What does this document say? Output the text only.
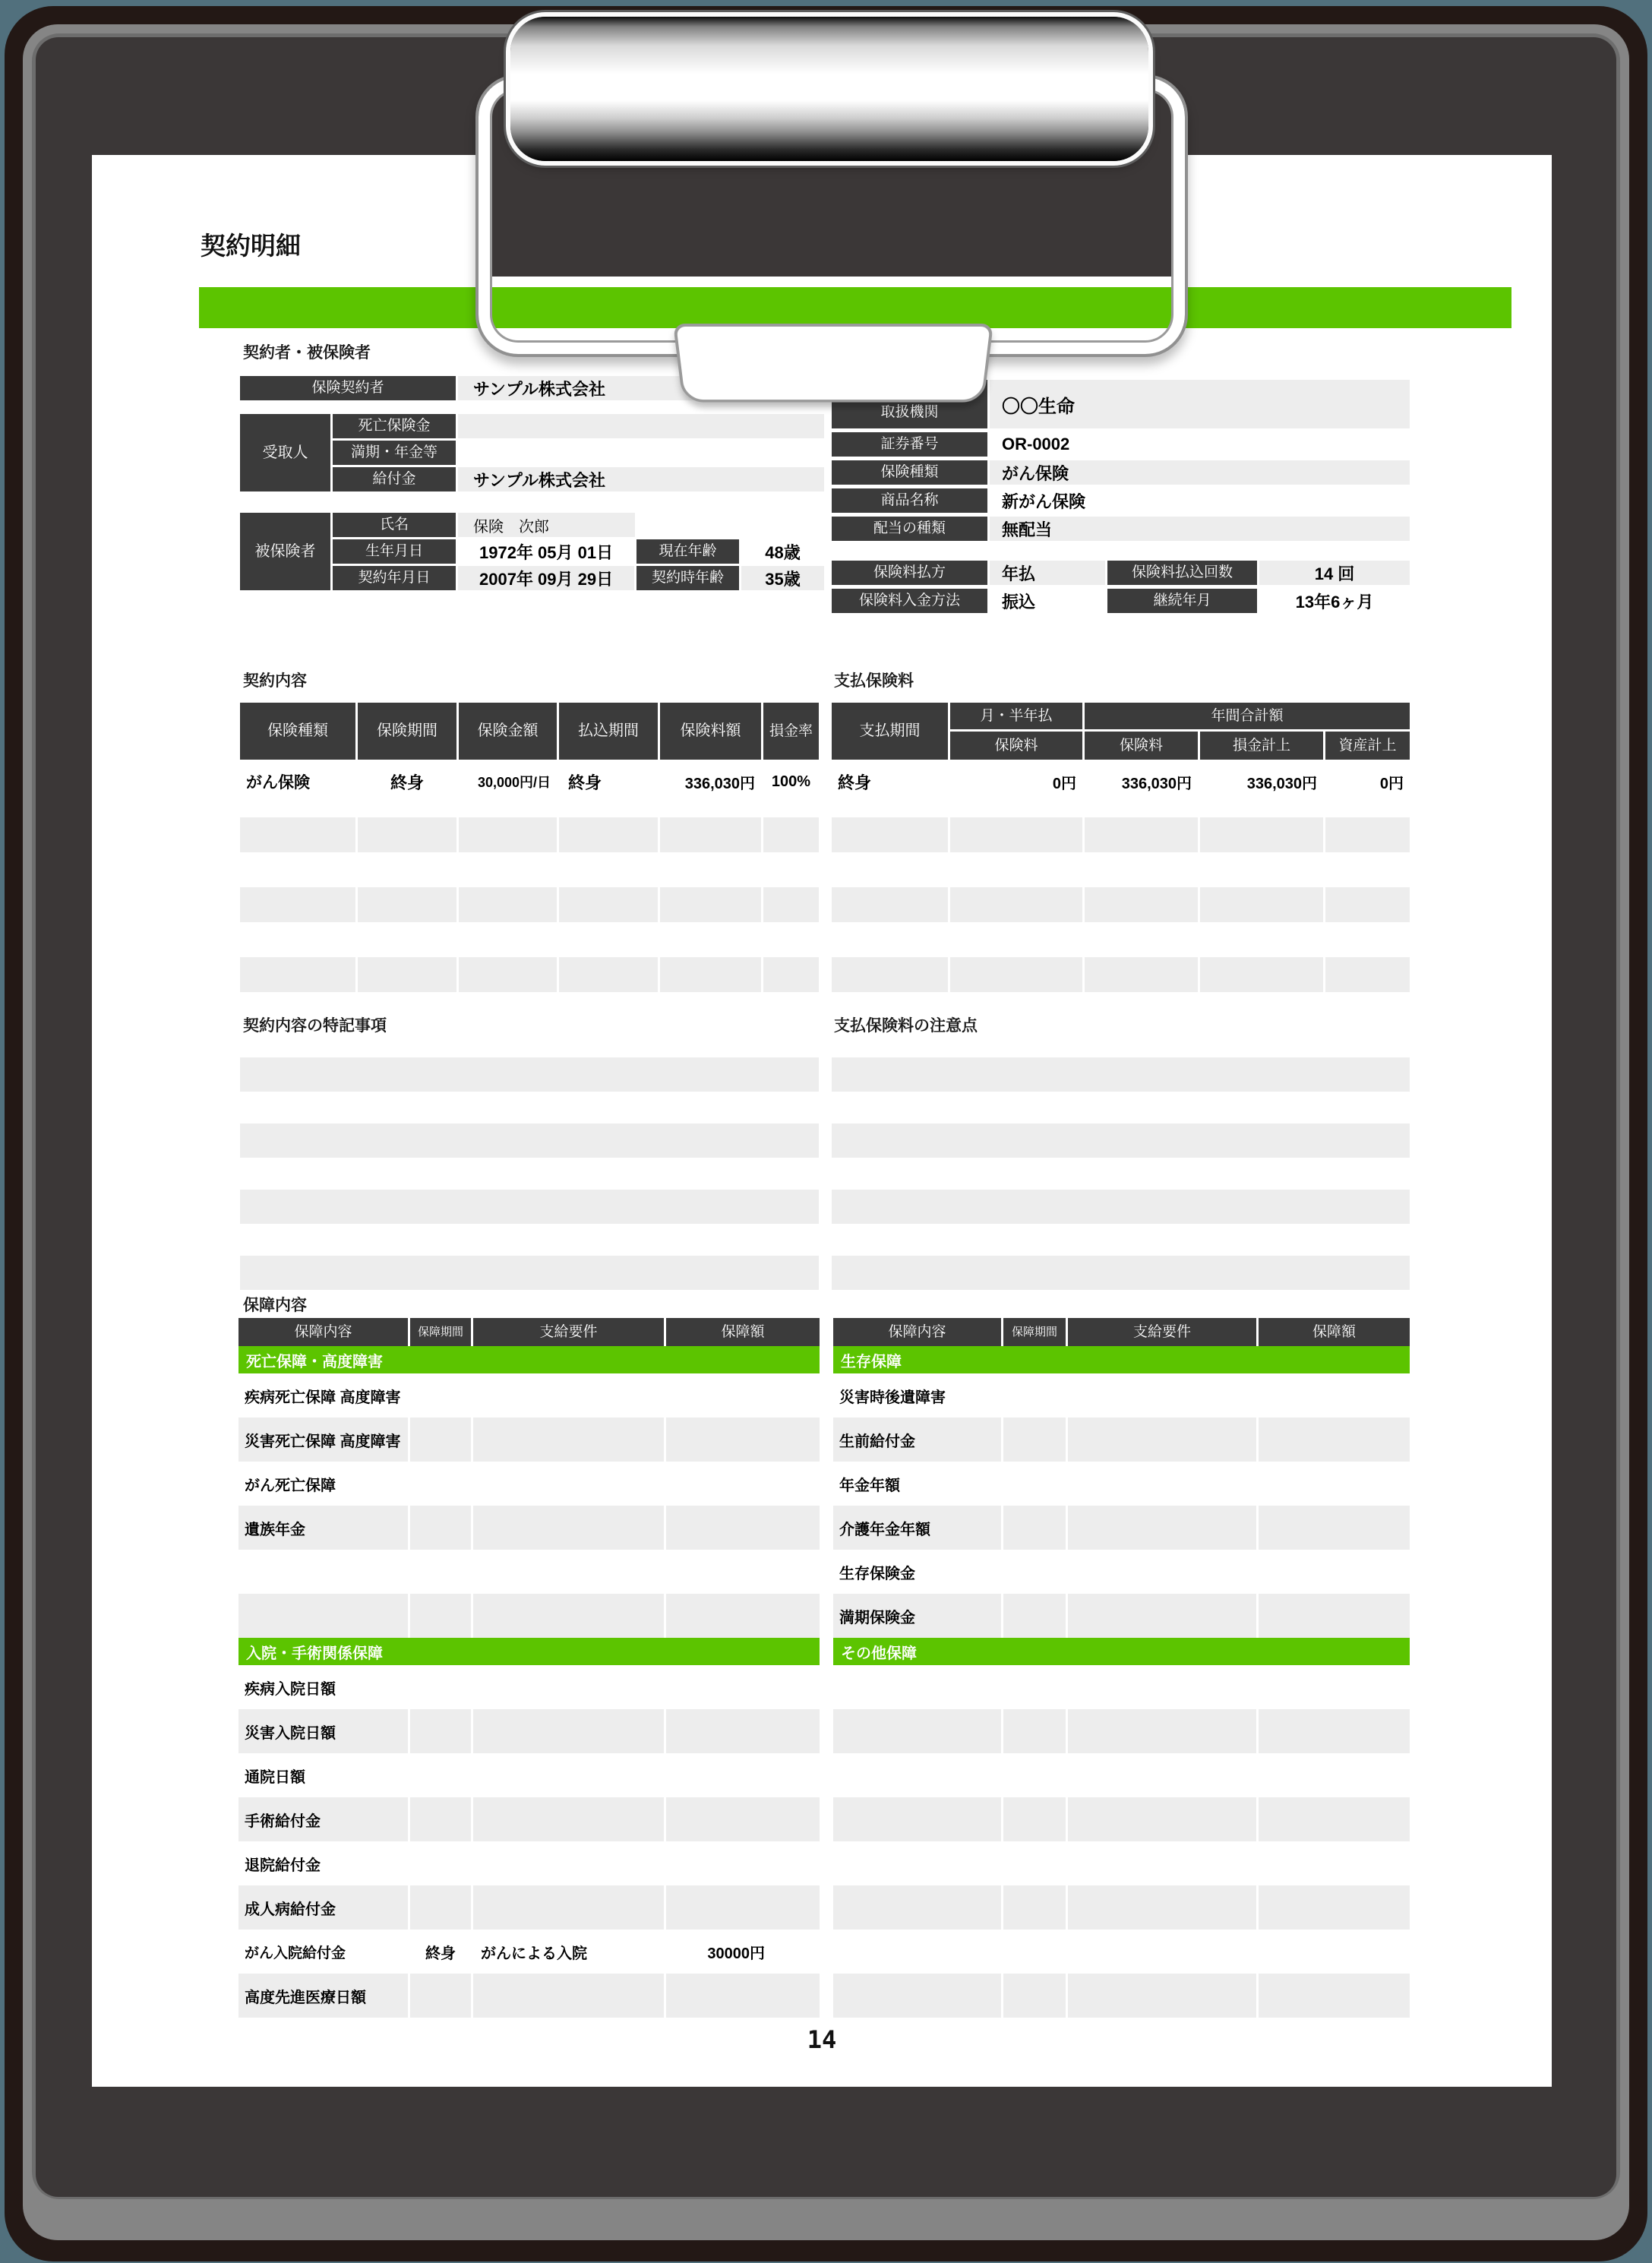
契約明細
契約者・被保険者
保険契約者	サンプル株式会社
受取人
死亡保険金
満期・年金等
給付金	サンプル株式会社
被保険者
氏名	保険　次郎
生年月日	1972年 05月 01日	現在年齢	48歳
契約年月日	2007年 09月 29日	契約時年齢	35歳
取扱機関	〇〇生命
証券番号	OR-0002
保険種類	がん保険
商品名称	新がん保険
配当の種類	無配当
保険料払方	年払	保険料払込回数	14 回
保険料入金方法	振込	継続年月	13年6ヶ月
契約内容	支払保険料
保険種類	保険期間	保険金額	払込期間	保険料額	損金率
がん保険	終身	30,000円/日	終身	336,030円	100%
支払期間
月・半年払	年間合計額
保険料	保険料	損金計上	資産計上
終身	0円	336,030円	336,030円	0円
契約内容の特記事項	支払保険料の注意点
保障内容
保障内容	保障期間	支給要件	保障額	保障内容	保障期間	支給要件	保障額
死亡保障・高度障害	生存保障
疾病死亡保障 高度障害
災害死亡保障 高度障害
がん死亡保障
遺族年金
災害時後遺障害
生前給付金
年金年額
介護年金年額
生存保険金
満期保険金
入院・手術関係保障	その他保障
疾病入院日額
災害入院日額
通院日額
手術給付金
退院給付金
成人病給付金
がん入院給付金	終身	がんによる入院	30000円
高度先進医療日額
14
